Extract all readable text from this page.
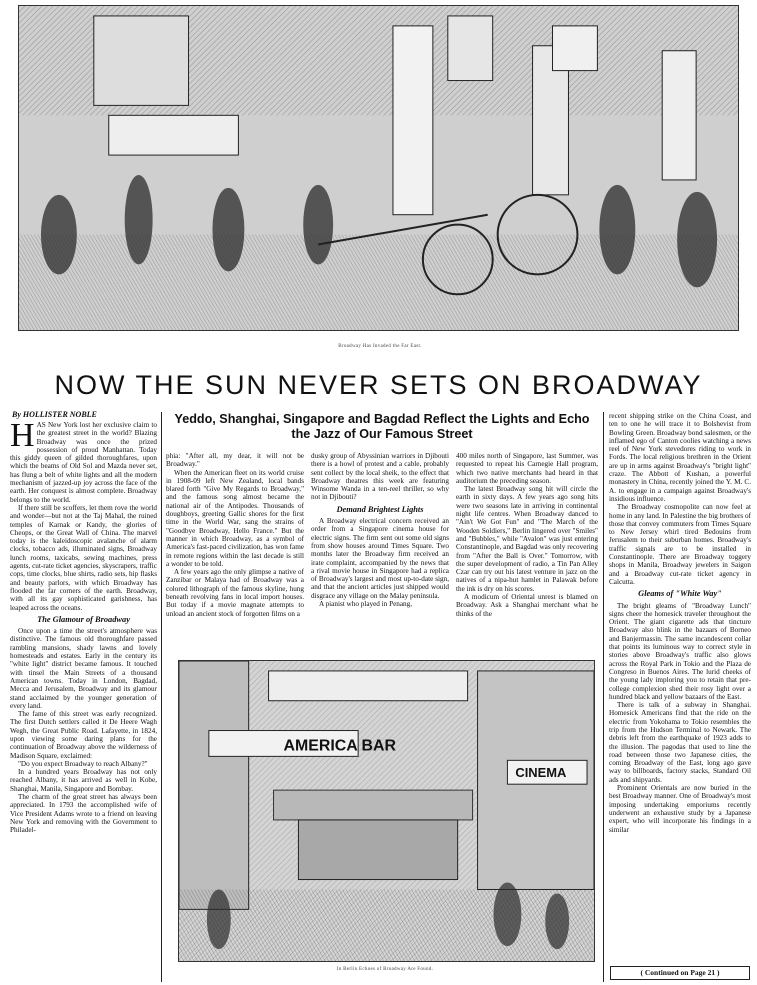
Broadway Has Invaded the Far East.
NOW THE SUN NEVER SETS ON BROADWAY
By HOLLISTER NOBLE

HAS New York lost her exclusive claim to the greatest street in the world? Blazing Broadway was once the prized possession of proud Manhattan. Today this giddy queen of gilded thoroughfares, upon which the beams of Old Sol and Mazda never set, has flung a belt of white lights and all the modern mechanism of jazzed-up joy across the face of the earth. Her conquest is almost complete. Broadway belongs to the world.

If there still be scoffers, let them rove the world and wonder—but not at the Taj Mahal, the ruined temples of Karnak or Kandy, the glories of Cheops, or the Great Wall of China. The marvel today is the kaleidoscopic avalanche of alarm clocks, tobacco ads, illuminated signs, Broadway lunch rooms, taxicabs, sewing machines, press agents, cut-rate ticket agencies, skyscrapers, traffic cops, time clocks, blue shirts, radio sets, hip flasks and beauty parlors, with which Broadway has flooded the far corners of the earth. Broadway, with all its gay sophisticated garishness, has leaped across the oceans.

The Glamour of Broadway

Once upon a time the street's atmosphere was distinctive. The famous old thoroughfare passed rambling mansions, shady lawns and lovely homesteads and estates. Early in the century its "white light" district became famous. It touched with tinsel the Main Streets of a thousand American towns. Today in London, Bagdad, Mecca and Jerusalem, Broadway and its glamour stand acclaimed by the younger generation of every land.

The fame of this street was early recognized. The first Dutch settlers called it De Heere Wagh Wegh, the Great Public Road. Lafayette, in 1824, upon viewing some daring plans for the continuation of Broadway above the wilderness of Madison Square, exclaimed:

"Do you expect Broadway to reach Albany?"

In a hundred years Broadway has not only reached Albany, it has arrived as well in Kobe, Shanghai, Manila, Singapore and Bombay.

The charm of the great street has always been appreciated. In 1793 the accomplished wife of Vice President Adams wrote to a friend on leaving New York and removing with the Government to Philadel-

Yeddo, Shanghai, Singapore and Bagdad Reflect the Lights and Echo the Jazz of Our Famous Street

phia: "After all, my dear, it will not be Broadway."

When the American fleet on its world cruise in 1908-09 left New Zealand, local bands blared forth "Give My Regards to Broadway," and the famous song almost became the national air of the Antipodes. Thousands of doughboys, greeting Gallic shores for the first time in the World War, sang the strains of "Goodbye Broadway, Hello France." But the manner in which Broadway, as a symbol of America's fast-paced civilization, has won fame in remote regions within the last decade is still a wonder to be told.

A few years ago the only glimpse a native of Zanzibar or Malaya had of Broadway was a colored lithograph of the famous skyline, hung beneath revolving fans in local import houses. But today if a movie magnate attempts to unload an ancient stock of forgotten films on a

dusky group of Abyssinian warriors in Djibouti there is a howl of protest and a cable, probably sent collect by the local sheik, to the effect that Broadway theatres this week are featuring Winsome Wanda in a ten-reel thriller, so why not in Djibouti?

Demand Brightest Lights

A Broadway electrical concern received an order from a Singapore cinema house for electric signs. The firm sent out some old signs from show houses around Times Square. Two months later the Broadway firm received an irate complaint, accompanied by the news that a rival movie house in Singapore had a replica of Broadway's largest and most up-to-date sign, and that the ancient articles just shipped would disgrace any village on the Malay peninsula.

A pianist who played in Penang,

400 miles north of Singapore, last Summer, was requested to repeat his Carnegie Hall program, which two native merchants had heard in that auditorium the preceding season.

The latest Broadway song hit will circle the earth in sixty days. A few years ago song hits were two seasons late in arriving in continental night life centres. When Broadway danced to "Ain't We Got Fun" and "The March of the Wooden Soldiers," Berlin lingered over "Smiles" and "Bubbles," while "Avalon" was just entering Constantinople, and Bagdad was only recovering from "After the Ball is Over." Tomorrow, with the super development of radio, a Tin Pan Alley Czar can try out his latest venture in jazz on the natives of a nipa-hut hamlet in Palawak before the ink is dry on his scores.

A modicum of Oriental unrest is blamed on Broadway. Ask a Shanghai merchant what he thinks of the

recent shipping strike on the China Coast, and ten to one he will trace it to Bolshevist from Bowling Green. Broadway bond salesmen, or the inflamed ego of Canton coolies watching a news reel of New York stevedores riding to work in Fords. The local religious brethren in the Orient are up in arms against Broadway's "bright light" craze. The Abbott of Kushan, a powerful monastery in China, recently joined the Y. M. C. A. to engage in a campaign against Broadway's insidious influence.

The Broadway cosmopolite can now feel at home in any land. In Palestine the big brothers of those that convey commuters from Times Square to New Jersey whirl tired Bedouins from Jerusalem to their suburban homes. Broadway's traffic signals are to be installed in Constantinople. There are Broadway toggery shops in Manila, Broadway jewelers in Saigon and a Broadway cut-rate ticket agency in Calcutta.

Gleams of "White Way"

The bright gleams of "Broadway Lunch" signs cheer the homesick traveler throughout the Orient. The giant cigarette ads that tincture Broadway also blink in the bazaars of Borneo and Banjermassin. The same incandescent collar that points its luminous way to correct style in stories above Broadway's traffic also glows across the Royal Park in Tokio and the Plaza de Congreso in Buenos Aires. The lurid cheeks of the young lady imploring you to retain that pre-college complexion shed their rosy light over a hundred black and yellow bazaars of the East.

There is talk of a subway in Shanghai. Homesick Americans find that the ride on the electric from Yokohama to Tokio resembles the trip from the Hudson Terminal to Newark. The debris left from the earthquake of 1923 adds to the illusion. The pagodas that used to line the road between those two Japanese cities, the coming Broadway of the East, long ago gave way to billboards, factory stacks, Standard Oil ads and shipyards.

Prominent Orientals are now buried in the best Broadway manner. One of Broadway's most imposing undertaking emporiums recently underwent an exhaustive study by a Japanese expert, who will incorporate his findings in a similar

AMERICA BAR
CINEMA
In Berlin Echoes of Broadway Are Found.	( Continued on Page 21 )
